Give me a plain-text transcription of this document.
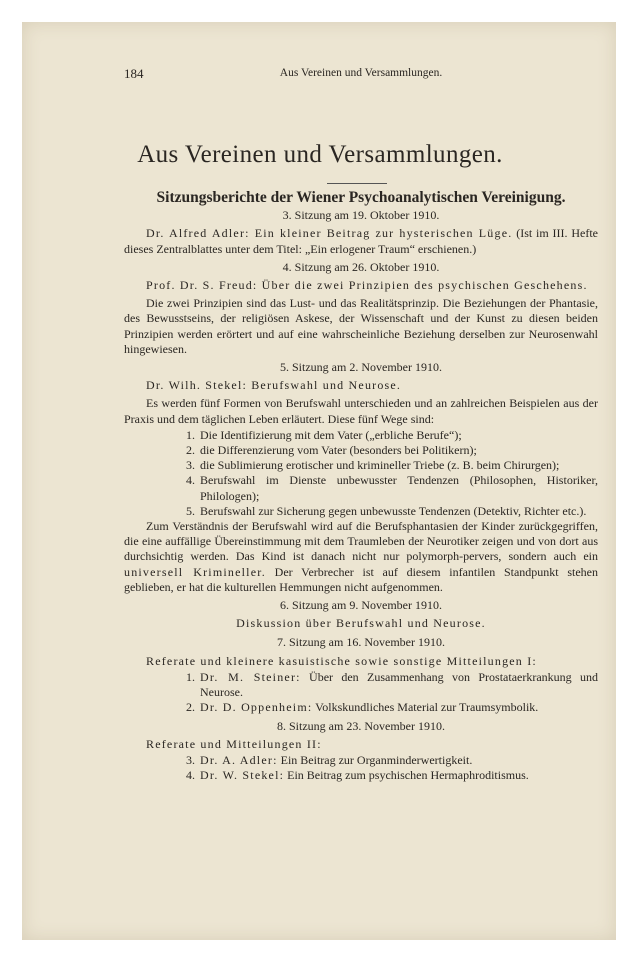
184	Aus Vereinen und Versammlungen.
Aus Vereinen und Versammlungen.
Sitzungsberichte der Wiener Psychoanalytischen Vereinigung.
3. Sitzung am 19. Oktober 1910.
Dr. Alfred Adler: Ein kleiner Beitrag zur hysterischen Lüge. (Ist im III. Hefte dieses Zentralblattes unter dem Titel: „Ein erlogener Traum“ erschienen.)
4. Sitzung am 26. Oktober 1910.
Prof. Dr. S. Freud: Über die zwei Prinzipien des psychischen Geschehens.
Die zwei Prinzipien sind das Lust- und das Realitätsprinzip. Die Beziehungen der Phantasie, des Bewusstseins, der religiösen Askese, der Wissenschaft und der Kunst zu diesen beiden Prinzipien werden erörtert und auf eine wahrscheinliche Beziehung derselben zur Neurosenwahl hingewiesen.
5. Sitzung am 2. November 1910.
Dr. Wilh. Stekel: Berufswahl und Neurose.
Es werden fünf Formen von Berufswahl unterschieden und an zahlreichen Beispielen aus der Praxis und dem täglichen Leben erläutert. Diese fünf Wege sind:
1. Die Identifizierung mit dem Vater („erbliche Berufe“);
2. die Differenzierung vom Vater (besonders bei Politikern);
3. die Sublimierung erotischer und krimineller Triebe (z. B. beim Chirurgen);
4. Berufswahl im Dienste unbewusster Tendenzen (Philosophen, Historiker, Philologen);
5. Berufswahl zur Sicherung gegen unbewusste Tendenzen (Detektiv, Richter etc.).
Zum Verständnis der Berufswahl wird auf die Berufsphantasien der Kinder zurückgegriffen, die eine auffällige Übereinstimmung mit dem Traumleben der Neurotiker zeigen und von dort aus durchsichtig werden. Das Kind ist danach nicht nur polymorph-pervers, sondern auch ein universell Krimineller. Der Verbrecher ist auf diesem infantilen Standpunkt stehen geblieben, er hat die kulturellen Hemmungen nicht aufgenommen.
6. Sitzung am 9. November 1910.
Diskussion über Berufswahl und Neurose.
7. Sitzung am 16. November 1910.
Referate und kleinere kasuistische sowie sonstige Mitteilungen I:
1. Dr. M. Steiner: Über den Zusammenhang von Prostataerkrankung und Neurose.
2. Dr. D. Oppenheim: Volkskundliches Material zur Traumsymbolik.
8. Sitzung am 23. November 1910.
Referate und Mitteilungen II:
3. Dr. A. Adler: Ein Beitrag zur Organminderwertigkeit.
4. Dr. W. Stekel: Ein Beitrag zum psychischen Hermaphroditismus.
